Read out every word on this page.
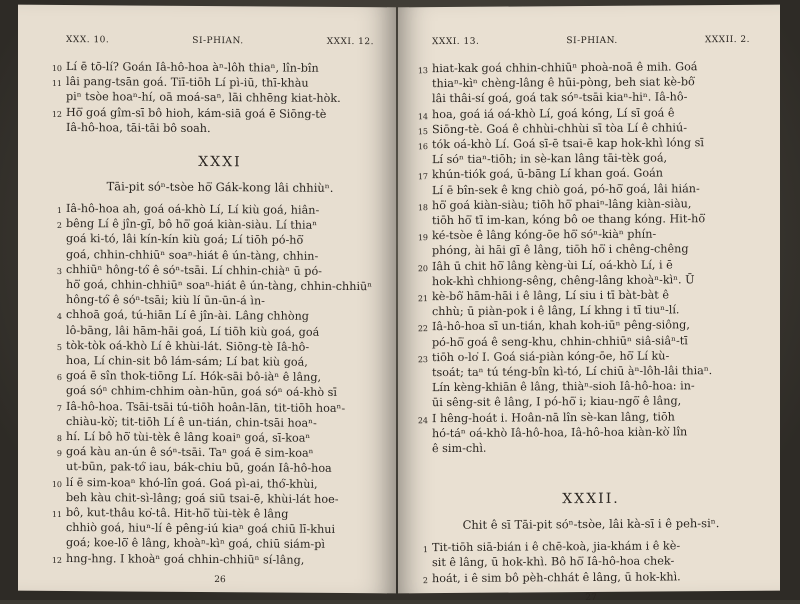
XXX. 10.	SI-PHIAN.	XXXI. 12.
10 Lí ē tō-lí? Goán Iâ-hô-hoa àⁿ-lôh thiaⁿ, lîn-bîn
11 lâi pang-tsān goá. Tiī-tiōh Lí pì-iū, thī-khàu
piⁿ tsòe hoaⁿ-hí, oā moá-saⁿ, lāi chhēng kiat-hòk.
12 Hō͘ goá gîm-sī bô hioh, kám-siā goá ē Siōng-tè
Iâ-hô-hoa, tāi-tāi bô soah.
XXXI
Tāi-pit sóⁿ-tsòe hō͘ Gák-kong lâi chhiùⁿ.
1 Iâ-hô-hoa ah, goá oá-khò Lí, Lí kiù goá, hiân-
2 bêng Lí ê jîn-gī, bô hō͘ goá kiàn-siàu. Lí thiaⁿ
goá ki-tó, lâi kín-kín kiù goá; Lí tiōh pó-hō͘
goá, chhin-chhiūⁿ soaⁿ-hiát ê ún-tàng, chhin-
3 chhiūⁿ hông-tó͘ ê sóⁿ-tsāi. Lí chhin-chiàⁿ ū pó-
hō͘ goá, chhin-chhiūⁿ soaⁿ-hiát ê ún-tàng, chhin-chhiūⁿ
hông-tó͘ ê sóⁿ-tsāi; kiù lí ūn-ūn-á ìn-
4 chhoā goá, tú-hiān Lí ê jîn-ài. Lâng chhòng
lô-bāng, lâi hām-hāi goá, Lí tiōh kiù goá, goá
5 tòk-tòk oá-khò Lí ê khùi-lát. Siōng-tè Iâ-hô-
hoa, Lí chin-sit bô lám-sám; Lí bat kiù goá,
6 goá ē sîn thok-tiōng Lí. Hók-sāi bô-iàⁿ ê lâng,
goá sóⁿ chhim-chhim oàn-hūn, goá sóⁿ oá-khò sī
7 Iâ-hô-hoa. Tsāi-tsāi tú-tiōh hoân-lān, tit-tiōh hoaⁿ-
chiàu-kò͘; tit-tiōh Lí ê un-tián, chin-tsāi hoaⁿ-
8 hí. Lí bô hō͘ tùi-tèk ê lâng koaiⁿ goá, sī-koaⁿ
9 goá kàu an-ún ê sóⁿ-tsāi. Taⁿ goá ē sim-koaⁿ
ut-būn, pak-tó͘ iau, bák-chiu bū, goán Iâ-hô-hoa
10 lí ē sim-koaⁿ khó-lîn goá. Goá pì-ai, thó͘-khùi,
beh kàu chit-sì-lâng; goá siū tsai-ē, khùi-lát hoe-
11 bô, kut-thâu ko͘-tâ. Hit-hō͘ tùi-tèk ê lâng
chhiò goá, hiuⁿ-lí ê pêng-iú kiaⁿ goá chiū lī-khui
goá; koe-lō͘ ê lâng, khoàⁿ-kìⁿ goá, chiū siám-pì
12 hng-hng. I khoàⁿ goá chhin-chhiūⁿ sí-lâng,
26
XXXI. 13.	SI-PHIAN.	XXXII. 2.
13 hiat-kak goá chhin-chhiūⁿ phoà-noā ê mih. Goá
thiaⁿ-kìⁿ chèng-lâng ê hūi-pòng, beh siat kè-bô͘
lâi thâi-sí goá, goá tak sóⁿ-tsāi kiaⁿ-hiⁿ. Iâ-hô-
14 hoa, goá iá oá-khò Lí, goá kóng, Lí sī goá ê
15 Siōng-tè. Goá ê chhùi-chhùi sī tòa Lí ê chhiú-
16 tók oá-khò Lí. Goá sī-ē tsai-ē kap hok-khì lóng sī
Lí sóⁿ tiaⁿ-tiōh; in sè-kan lâng tāi-tèk goá,
17 khún-tiók goá, ū-bāng Lí khan goá. Goán
Lí ē bîn-sek ê kng chiò goá, pó-hō͘ goá, lâi hián-
18 hō͘ goá kiàn-siàu; tiōh hō͘ phaiⁿ-lâng kiàn-siàu,
tiōh hō͘ tī im-kan, kóng bô oe thang kóng. Hit-hō͘
19 ké-tsòe ê lâng kóng-ōe hō͘ sóⁿ-kiàⁿ phín-
phóng, ài hāi gī ê lâng, tiōh hō͘ i chêng-chêng
20 Iâh ū chit hō͘ lâng kèng-ùi Lí, oá-khò Lí, i ē
hok-khì chhiong-sêng, chêng-lâng khoàⁿ-kìⁿ. Ū
21 kè-bô͘ hām-hāi i ê lâng, Lí siu i tī bàt-bàt ê
chhù; ū piàn-pok i ê lâng, Lí khng i tī tiuⁿ-lí.
22 Iâ-hô-hoa sī un-tián, khah koh-iūⁿ pêng-siông,
pó-hō͘ goá ê seng-khu, chhin-chhiūⁿ siâ-siâⁿ-tī
23 tiōh o-lo͘ I. Goá siá-piàn kóng-ōe, hō͘ Lí kù-
tsoát; taⁿ tú téng-bîn kì-tó, Lí chiū àⁿ-lôh-lâi thiaⁿ.
Lín kèng-khiān ê lâng, thiàⁿ-sioh Iâ-hô-hoa: in-
ūi sêng-sit ê lâng, I pó-hō͘ i; kiau-ngō͘ ê lâng,
24 I hêng-hoát i. Hoân-nā lîn sè-kan lâng, tiōh
hó-táⁿ oá-khò Iâ-hô-hoa, Iâ-hô-hoa kiàn-kò͘ lîn
ê sim-chì.
XXXII.
Chit ê sī Tāi-pit sóⁿ-tsòe, lâi kà-sī i ê peh-siⁿ.
1 Tit-tiōh siā-bián i ê chē-koà, jia-khám i ê kè-
sit ê lâng, ū hok-khì. Bô hō͘ Iâ-hô-hoa chek-
2 hoát, i ê sim bô pèh-chhát ê lâng, ū hok-khì.
27
